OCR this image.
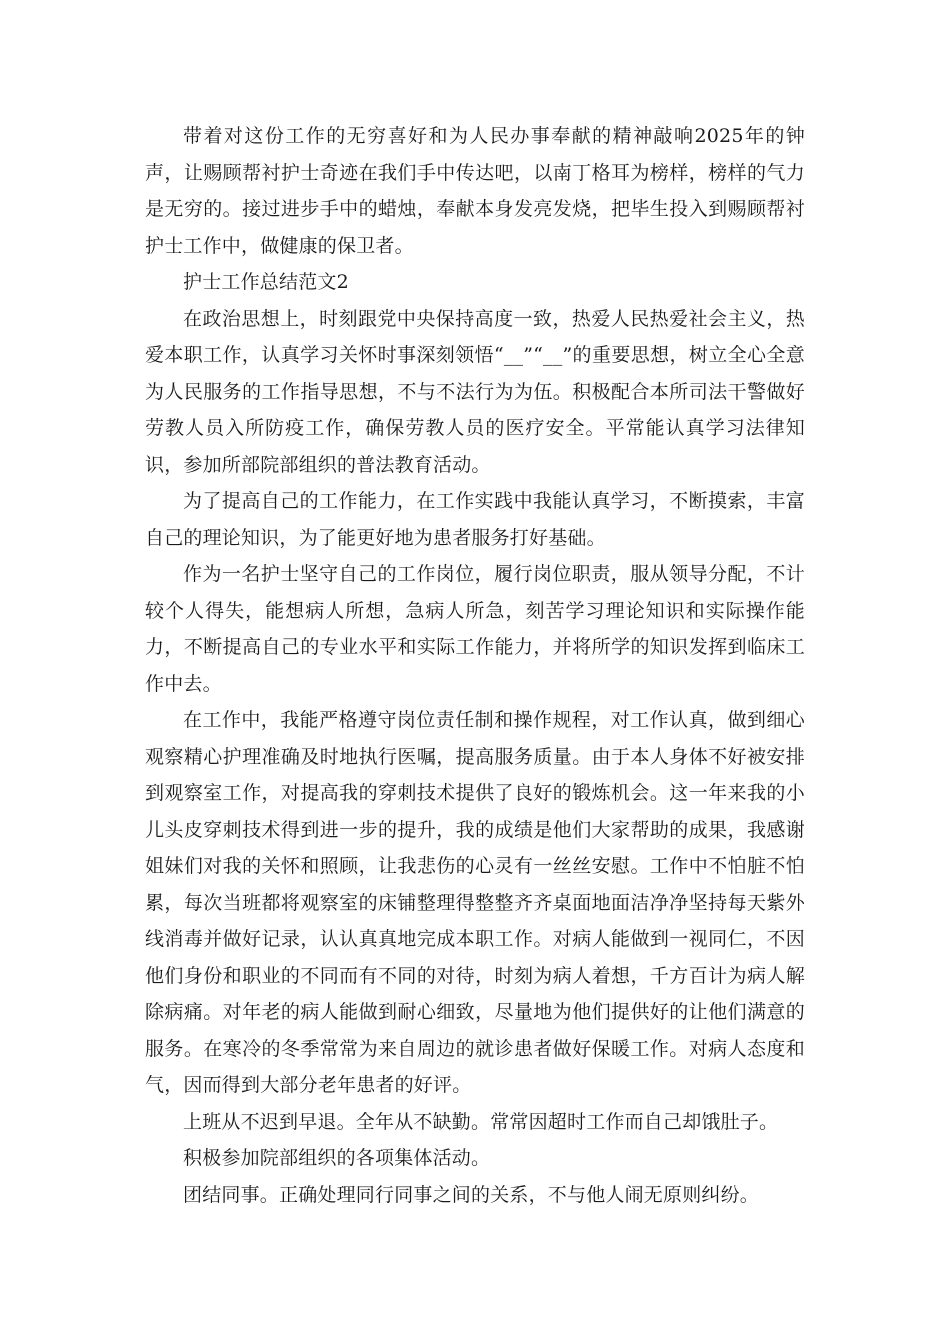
带着对这份工作的无穷喜好和为人民办事奉献的精神敲响2025年的钟声，让赐顾帮衬护士奇迹在我们手中传达吧，以南丁格耳为榜样，榜样的气力是无穷的。接过进步手中的蜡烛，奉献本身发亮发烧，把毕生投入到赐顾帮衬护士工作中，做健康的保卫者。

护士工作总结范文2

在政治思想上，时刻跟党中央保持高度一致，热爱人民热爱社会主义，热爱本职工作，认真学习关怀时事深刻领悟“__”“__”的重要思想，树立全心全意为人民服务的工作指导思想，不与不法行为为伍。积极配合本所司法干警做好劳教人员入所防疫工作，确保劳教人员的医疗安全。平常能认真学习法律知识，参加所部院部组织的普法教育活动。

为了提高自己的工作能力，在工作实践中我能认真学习，不断摸索，丰富自己的理论知识，为了能更好地为患者服务打好基础。

作为一名护士坚守自己的工作岗位，履行岗位职责，服从领导分配，不计较个人得失，能想病人所想，急病人所急，刻苦学习理论知识和实际操作能力，不断提高自己的专业水平和实际工作能力，并将所学的知识发挥到临床工作中去。

在工作中，我能严格遵守岗位责任制和操作规程，对工作认真，做到细心观察精心护理准确及时地执行医嘱，提高服务质量。由于本人身体不好被安排到观察室工作，对提高我的穿刺技术提供了良好的锻炼机会。这一年来我的小儿头皮穿刺技术得到进一步的提升，我的成绩是他们大家帮助的成果，我感谢姐妹们对我的关怀和照顾，让我悲伤的心灵有一丝丝安慰。工作中不怕脏不怕累，每次当班都将观察室的床铺整理得整整齐齐桌面地面洁净净坚持每天紫外线消毒并做好记录，认认真真地完成本职工作。对病人能做到一视同仁，不因他们身份和职业的不同而有不同的对待，时刻为病人着想，千方百计为病人解除病痛。对年老的病人能做到耐心细致，尽量地为他们提供好的让他们满意的服务。在寒冷的冬季常常为来自周边的就诊患者做好保暖工作。对病人态度和气，因而得到大部分老年患者的好评。

上班从不迟到早退。全年从不缺勤。常常因超时工作而自己却饿肚子。

积极参加院部组织的各项集体活动。

团结同事。正确处理同行同事之间的关系，不与他人闹无原则纠纷。
